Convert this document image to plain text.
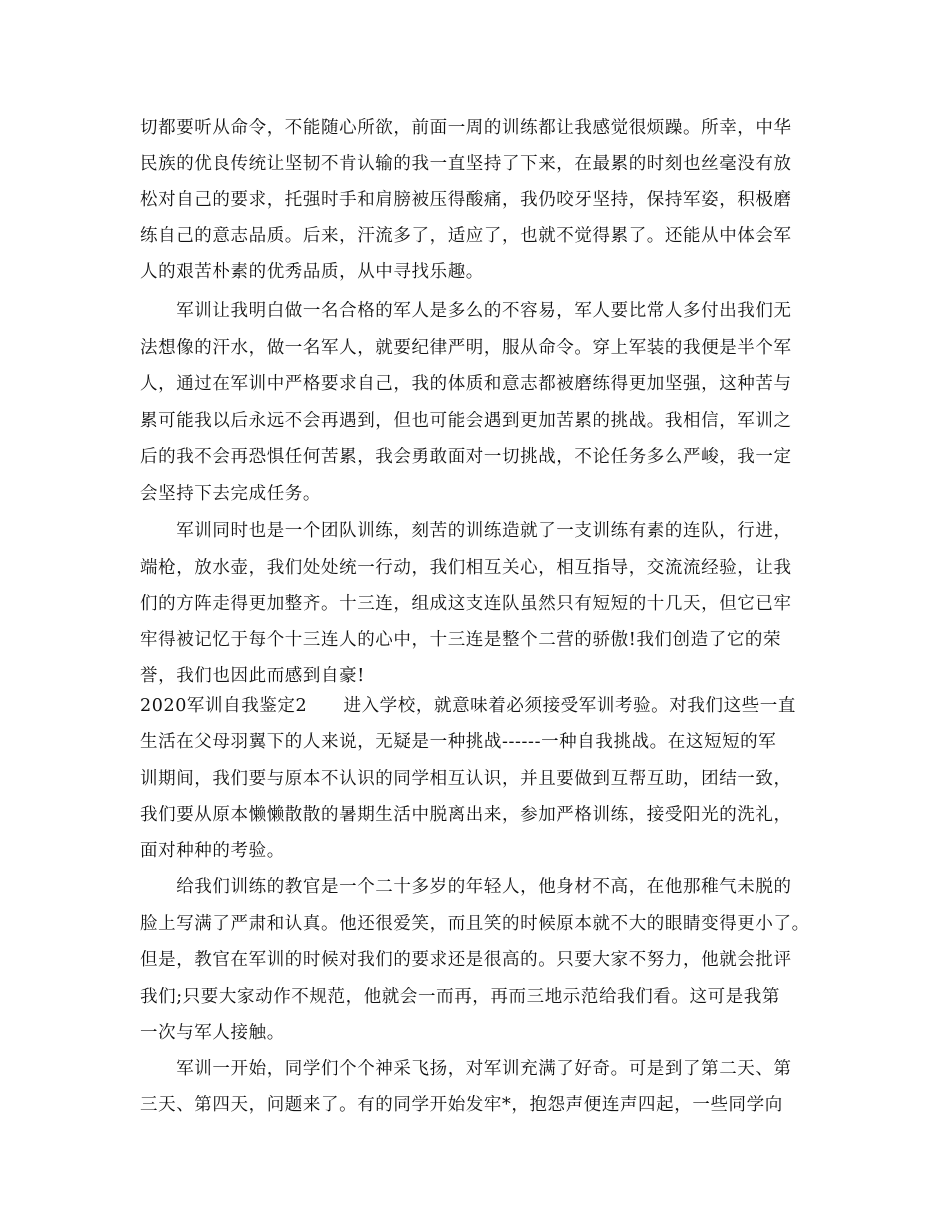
切都要听从命令，不能随心所欲，前面一周的训练都让我感觉很烦躁。所幸，中华
民族的优良传统让坚韧不肯认输的我一直坚持了下来，在最累的时刻也丝毫没有放
松对自己的要求，托强时手和肩膀被压得酸痛，我仍咬牙坚持，保持军姿，积极磨
练自己的意志品质。后来，汗流多了，适应了，也就不觉得累了。还能从中体会军
人的艰苦朴素的优秀品质，从中寻找乐趣。
　　军训让我明白做一名合格的军人是多么的不容易，军人要比常人多付出我们无
法想像的汗水，做一名军人，就要纪律严明，服从命令。穿上军装的我便是半个军
人，通过在军训中严格要求自己，我的体质和意志都被磨练得更加坚强，这种苦与
累可能我以后永远不会再遇到，但也可能会遇到更加苦累的挑战。我相信，军训之
后的我不会再恐惧任何苦累，我会勇敢面对一切挑战，不论任务多么严峻，我一定
会坚持下去完成任务。
　　军训同时也是一个团队训练，刻苦的训练造就了一支训练有素的连队，行进，
端枪，放水壶，我们处处统一行动，我们相互关心，相互指导，交流流经验，让我
们的方阵走得更加整齐。十三连，组成这支连队虽然只有短短的十几天，但它已牢
牢得被记忆于每个十三连人的心中，十三连是整个二营的骄傲!我们创造了它的荣
誉，我们也因此而感到自豪!
2020军训自我鉴定2　　进入学校，就意味着必须接受军训考验。对我们这些一直
生活在父母羽翼下的人来说，无疑是一种挑战------一种自我挑战。在这短短的军
训期间，我们要与原本不认识的同学相互认识，并且要做到互帮互助，团结一致，
我们要从原本懒懒散散的暑期生活中脱离出来，参加严格训练，接受阳光的洗礼，
面对种种的考验。
　　给我们训练的教官是一个二十多岁的年轻人，他身材不高，在他那稚气未脱的
脸上写满了严肃和认真。他还很爱笑，而且笑的时候原本就不大的眼睛变得更小了。
但是，教官在军训的时候对我们的要求还是很高的。只要大家不努力，他就会批评
我们;只要大家动作不规范，他就会一而再，再而三地示范给我们看。这可是我第
一次与军人接触。
　　军训一开始，同学们个个神采飞扬，对军训充满了好奇。可是到了第二天、第
三天、第四天，问题来了。有的同学开始发牢*，抱怨声便连声四起，一些同学向
